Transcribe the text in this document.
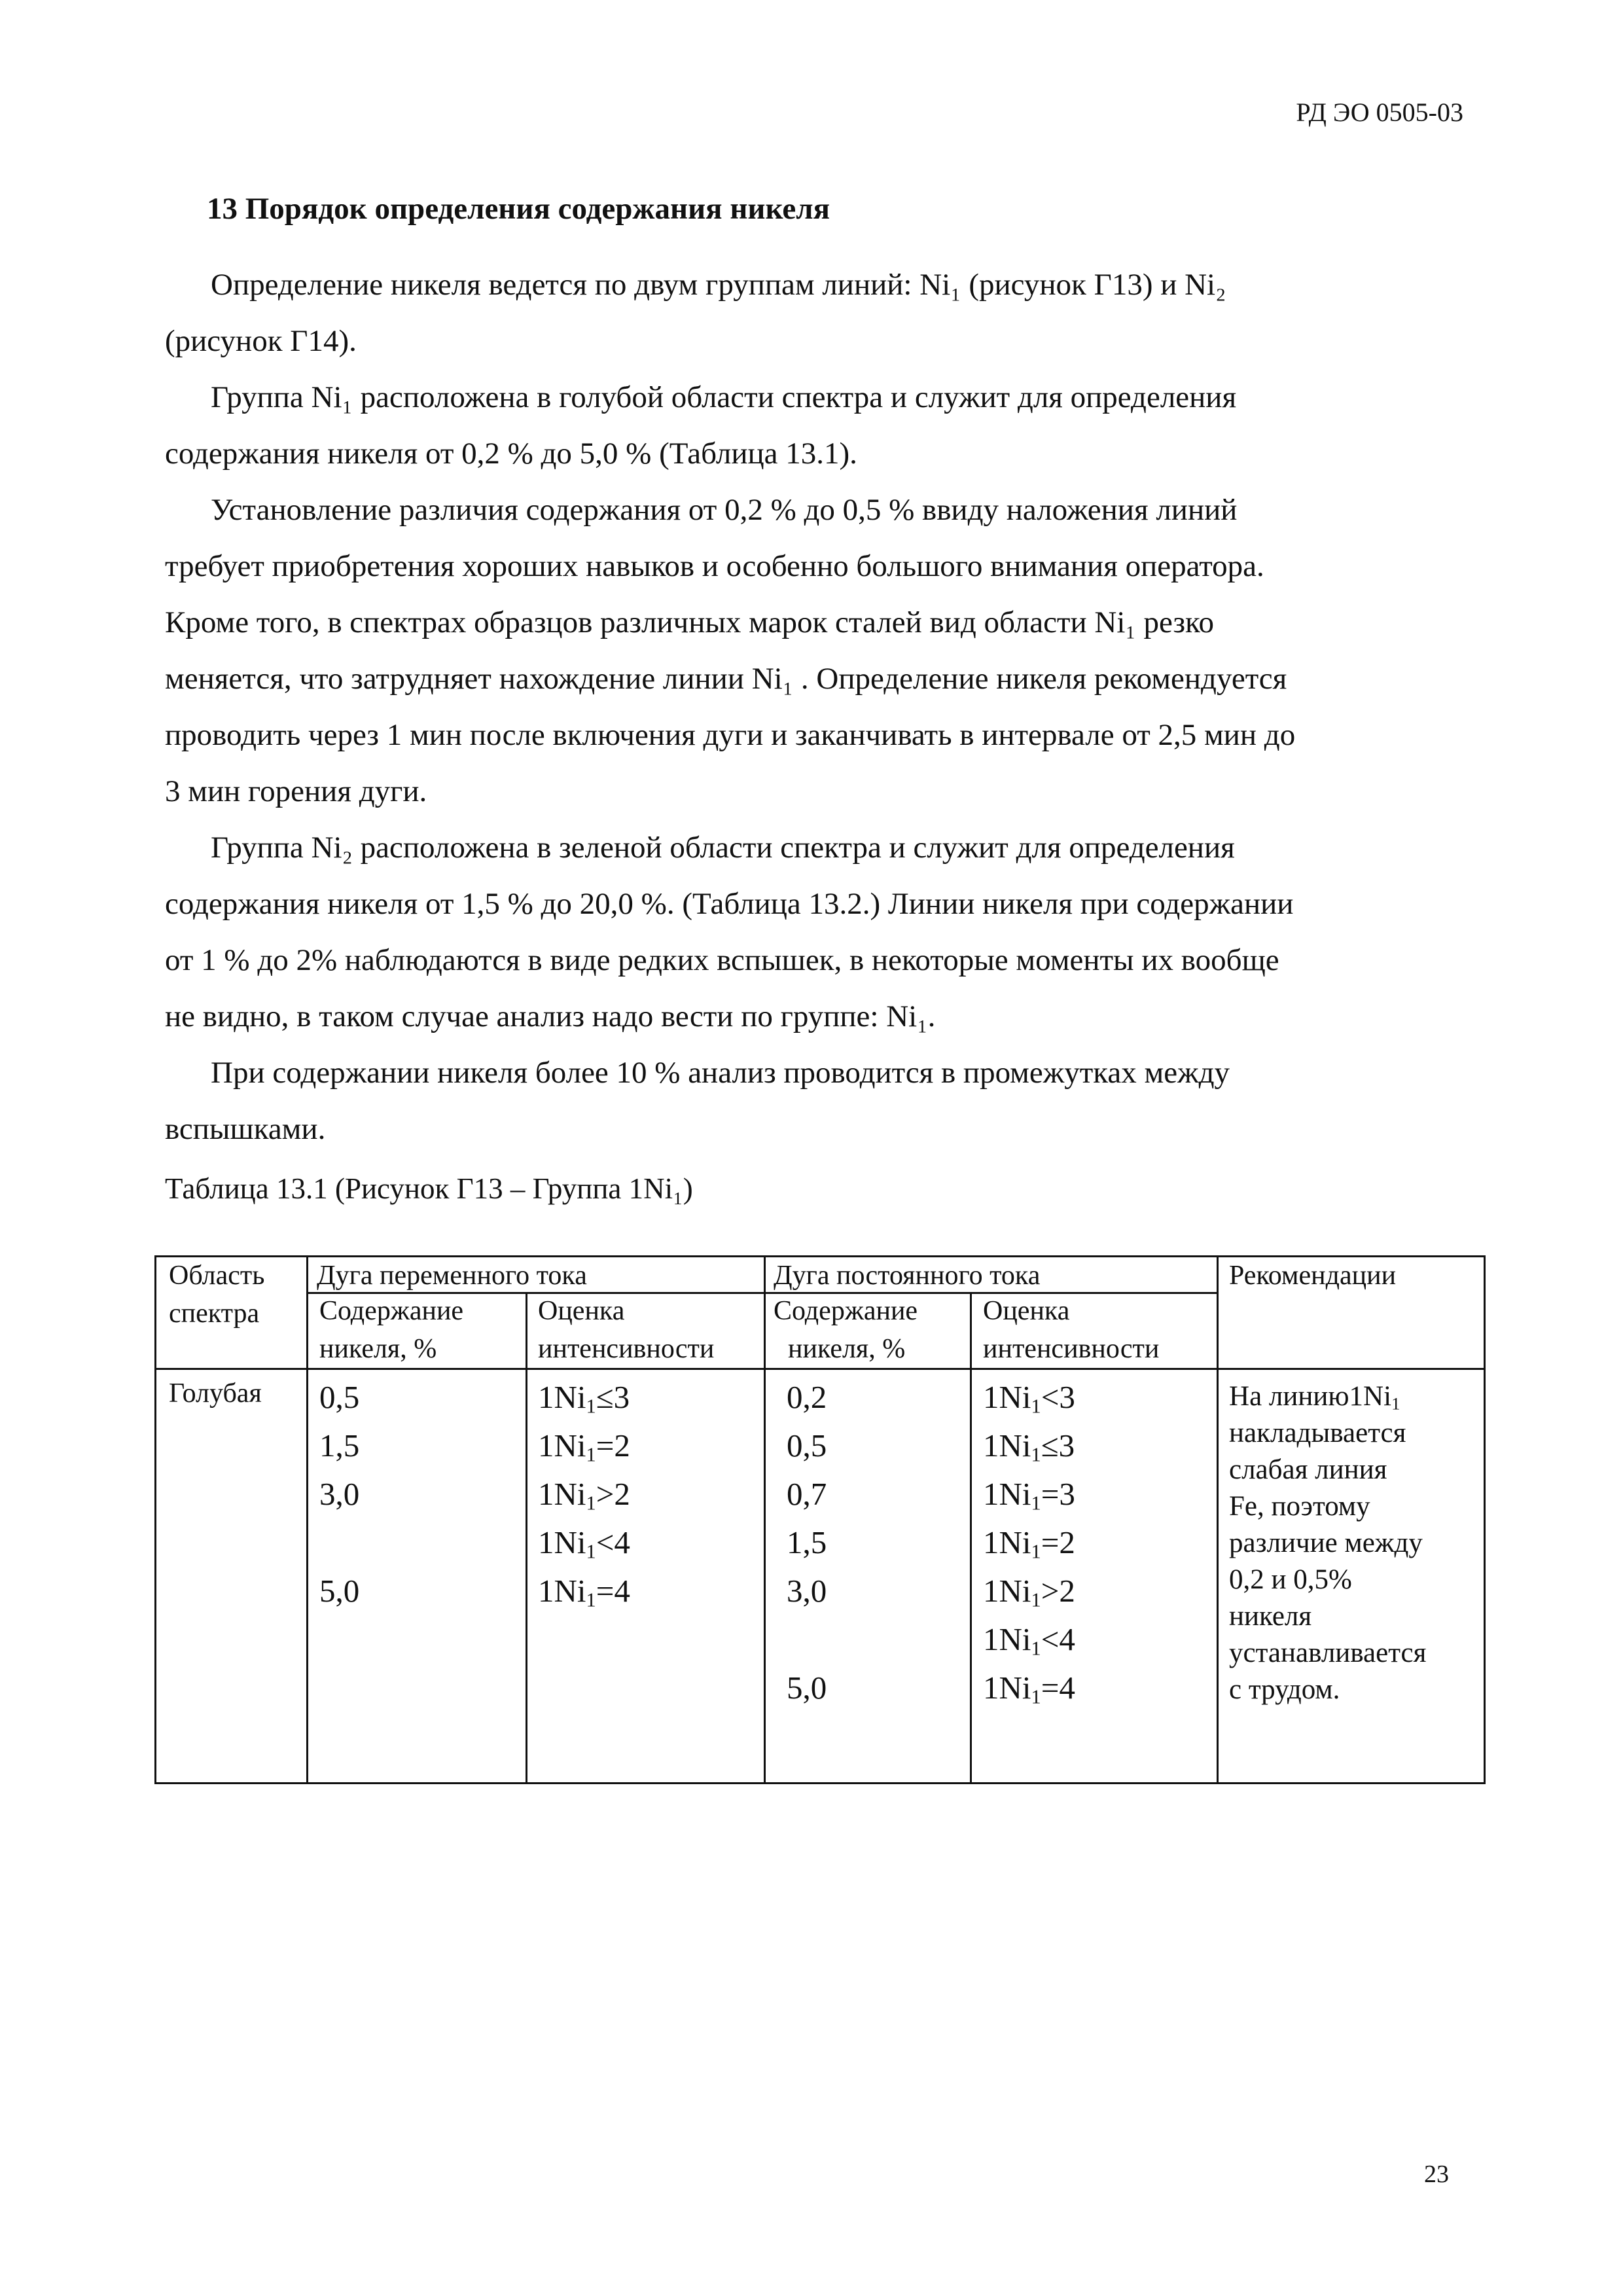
РД ЭО 0505-03
13 Порядок определения содержания никеля
Определение никеля ведется по двум группам линий: Ni₁ (рисунок Г13) и Ni₂
(рисунок Г14).
Группа Ni₁ расположена в голубой области спектра и служит для определения
содержания никеля от 0,2 % до 5,0 % (Таблица 13.1).
Установление различия содержания от 0,2 % до 0,5 % ввиду наложения линий
требует приобретения хороших навыков и особенно большого внимания оператора.
Кроме того, в спектрах образцов различных марок сталей вид области Ni₁ резко
меняется, что затрудняет нахождение линии Ni₁ . Определение никеля рекомендуется
проводить через 1 мин после включения дуги и заканчивать в интервале от 2,5 мин до
3 мин горения дуги.
Группа Ni₂ расположена в зеленой области спектра и служит для определения
содержания никеля от 1,5 % до 20,0 %. (Таблица 13.2.) Линии никеля при содержании
от 1 % до 2% наблюдаются в виде редких вспышек, в некоторые моменты их вообще
не видно, в таком случае анализ надо вести по группе: Ni₁.
При содержании никеля более 10 % анализ проводится в промежутках между
вспышками.
Таблица 13.1 (Рисунок Г13 – Группа 1Ni₁)
Область
спектра
Дуга переменного тока	Дуга постоянного тока	Рекомендации
Содержание
никеля, %
Оценка
интенсивности
Содержание
никеля, %
Оценка
интенсивности
Голубая 0,5
1,5
3,0
5,0
$1Ni_1\le 3$
$1Ni_1=2$
$1Ni_1>2$
$1Ni_1<4$
$1Ni_1=4$
0,2
0,5
0,7
1,5
3,0
5,0
$1Ni_1<3$
$1Ni_1\le 3$
$1Ni_1=3$
$1Ni_1=2$
$1Ni_1>2$
$1Ni_1<4$
$1Ni_1=4$
На $линию1Ni_1$
накладывается
слабая линия
Fe, поэтому
различие между
0,2 и 0,5%
никеля
устанавливается
с трудом.
23
